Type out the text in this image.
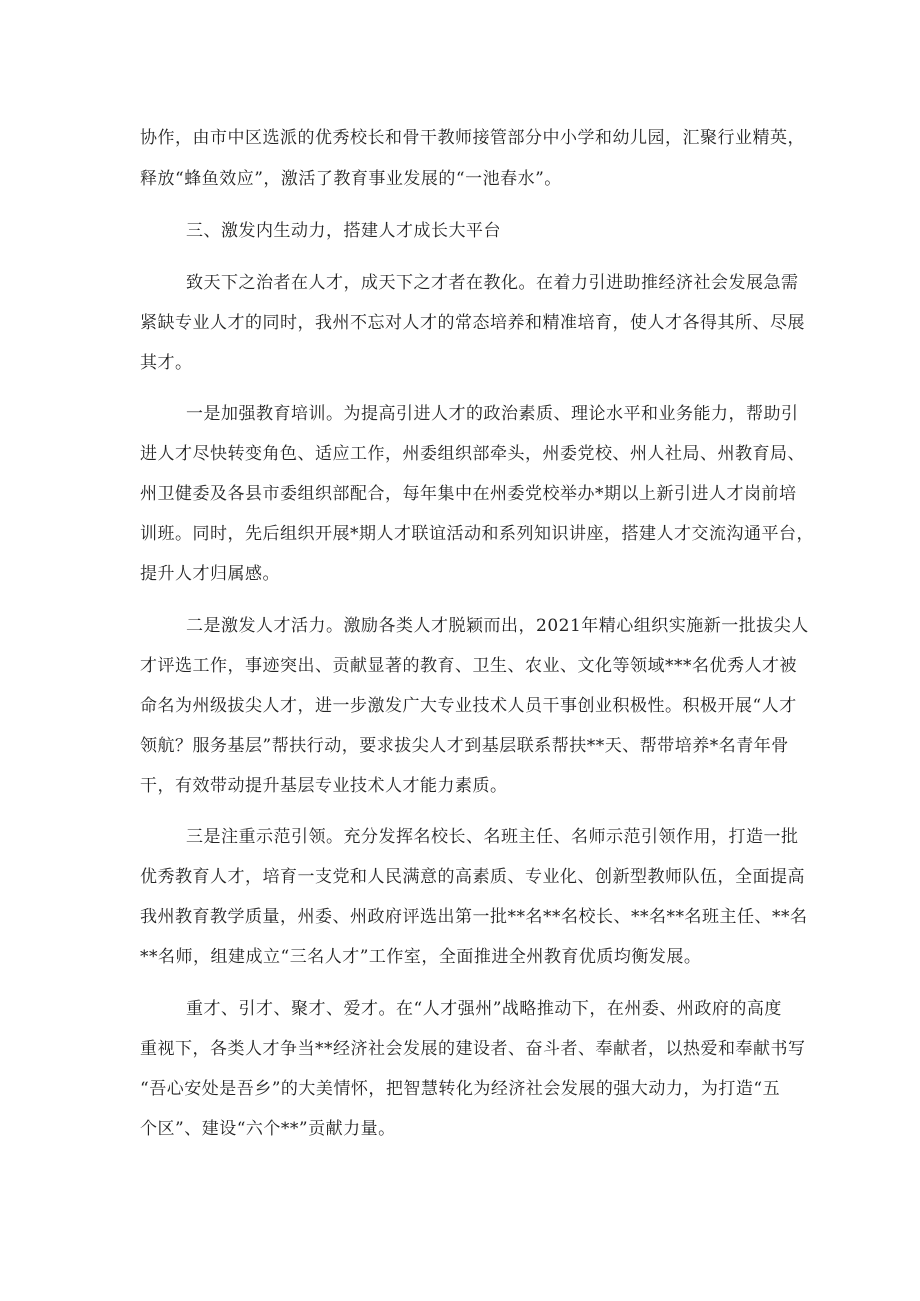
协作，由市中区选派的优秀校长和骨干教师接管部分中小学和幼儿园，汇聚行业精英，
释放“蜂鱼效应”，激活了教育事业发展的“一池春水”。
三、激发内生动力，搭建人才成长大平台
致天下之治者在人才，成天下之才者在教化。在着力引进助推经济社会发展急需
紧缺专业人才的同时，我州不忘对人才的常态培养和精准培育，使人才各得其所、尽展
其才。
一是加强教育培训。为提高引进人才的政治素质、理论水平和业务能力，帮助引
进人才尽快转变角色、适应工作，州委组织部牵头，州委党校、州人社局、州教育局、
州卫健委及各县市委组织部配合，每年集中在州委党校举办*期以上新引进人才岗前培
训班。同时，先后组织开展*期人才联谊活动和系列知识讲座，搭建人才交流沟通平台，
提升人才归属感。
二是激发人才活力。激励各类人才脱颖而出，2021年精心组织实施新一批拔尖人
才评选工作，事迹突出、贡献显著的教育、卫生、农业、文化等领域***名优秀人才被
命名为州级拔尖人才，进一步激发广大专业技术人员干事创业积极性。积极开展“人才
领航？服务基层”帮扶行动，要求拔尖人才到基层联系帮扶**天、帮带培养*名青年骨
干，有效带动提升基层专业技术人才能力素质。
三是注重示范引领。充分发挥名校长、名班主任、名师示范引领作用，打造一批
优秀教育人才，培育一支党和人民满意的高素质、专业化、创新型教师队伍，全面提高
我州教育教学质量，州委、州政府评选出第一批**名**名校长、**名**名班主任、**名
**名师，组建成立“三名人才”工作室，全面推进全州教育优质均衡发展。
重才、引才、聚才、爱才。在“人才强州”战略推动下，在州委、州政府的高度
重视下，各类人才争当**经济社会发展的建设者、奋斗者、奉献者，以热爱和奉献书写
“吾心安处是吾乡”的大美情怀，把智慧转化为经济社会发展的强大动力，为打造“五
个区”、建设“六个**”贡献力量。
